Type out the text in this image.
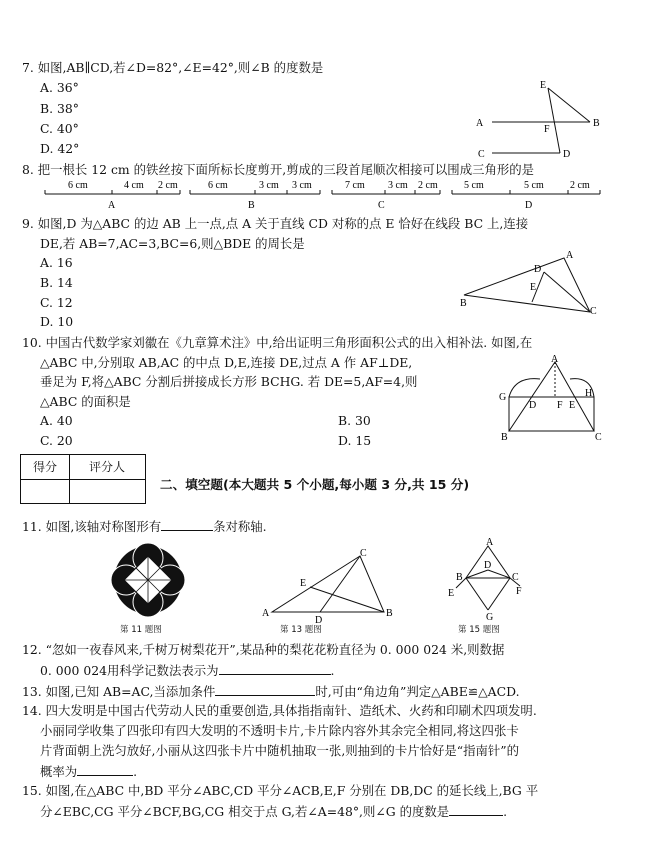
7. 如图,AB∥CD,若∠D=82°,∠E=42°,则∠B 的度数是
A. 36°
B. 38°
C. 40°
D. 42°
E
A
F
B
C	D
8. 把一根长 12 cm 的铁丝按下面所标长度剪开,剪成的三段首尾顺次相接可以围成三角形的是
6 cm	4 cm 2 cm
A
6 cm	3 cm 3 cm
B
7 cm 3 cm 2 cm
C
5 cm	5 cm	2 cm
D
9. 如图,D 为△ABC 的边 AB 上一点,点 A 关于直线 CD 对称的点 E 恰好在线段 BC 上,连接
DE,若 AB=7,AC=3,BC=6,则△BDE 的周长是
A. 16
B. 14
C. 12
D. 10
A
D
E
B
C
10. 中国古代数学家刘徽在《九章算术注》中,给出证明三角形面积公式的出入相补法. 如图,在
△ABC 中,分别取 AB,AC 的中点 D,E,连接 DE,过点 A 作 AF⊥DE,
垂足为 F,将△ABC 分割后拼接成长方形 BCHG. 若 DE=5,AF=4,则
△ABC 的面积是
A. 40	B. 30
C. 20	D. 15
A
G
D F E
H
B	C
得分	评分人
二、填空题(本大题共 5 个小题,每小题 3 分,共 15 分)
11. 如图,该轴对称图形有	条对称轴.
第 11 题图
C
E
A
D
B
第 13 题图
A
B
D
C
E	F
G
第 15 题图
12. “忽如一夜春风来,千树万树梨花开”,某品种的梨花花粉直径为 0. 000 024 米,则数据
0. 000 024用科学记数法表示为	.
13. 如图,已知 AB=AC,当添加条件	时,可由“角边角”判定△ABE≌△ACD.
14. 四大发明是中国古代劳动人民的重要创造,具体指指南针、造纸术、火药和印刷术四项发明.
小丽同学收集了四张印有四大发明的不透明卡片,卡片除内容外其余完全相同,将这四张卡
片背面朝上洗匀放好,小丽从这四张卡片中随机抽取一张,则抽到的卡片恰好是“指南针”的
概率为	.
15. 如图,在△ABC 中,BD 平分∠ABC,CD 平分∠ACB,E,F 分别在 DB,DC 的延长线上,BG 平
分∠EBC,CG 平分∠BCF,BG,CG 相交于点 G,若∠A=48°,则∠G 的度数是	.
